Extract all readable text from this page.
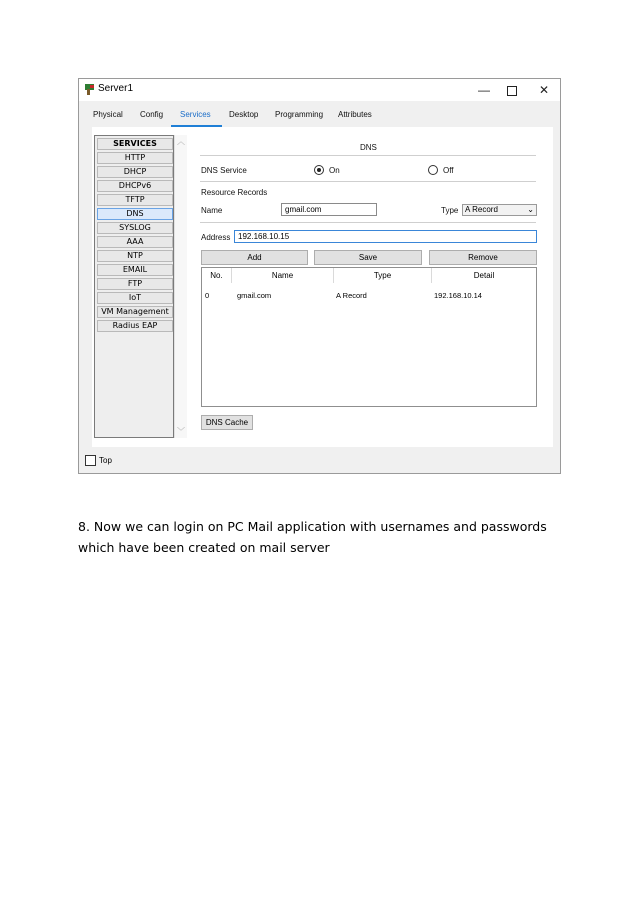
Server1	—	✕
Physical Config Services Desktop Programming Attributes
SERVICES
HTTP
DHCP
DHCPv6
TFTP
DNS
SYSLOG
AAA
NTP
EMAIL
FTP
IoT
VM Management
Radius EAP
︿
﹀
DNS
DNS Service	On	Off
Resource Records
Name	gmail.com	Type A Record	⌄
Address 192.168.10.15
Add	Save	Remove
No.	Name	Type	Detail
0	gmail.com	A Record	192.168.10.14
DNS Cache
Top
8. Now we can login on PC Mail application with usernames and passwords
which have been created on mail server
